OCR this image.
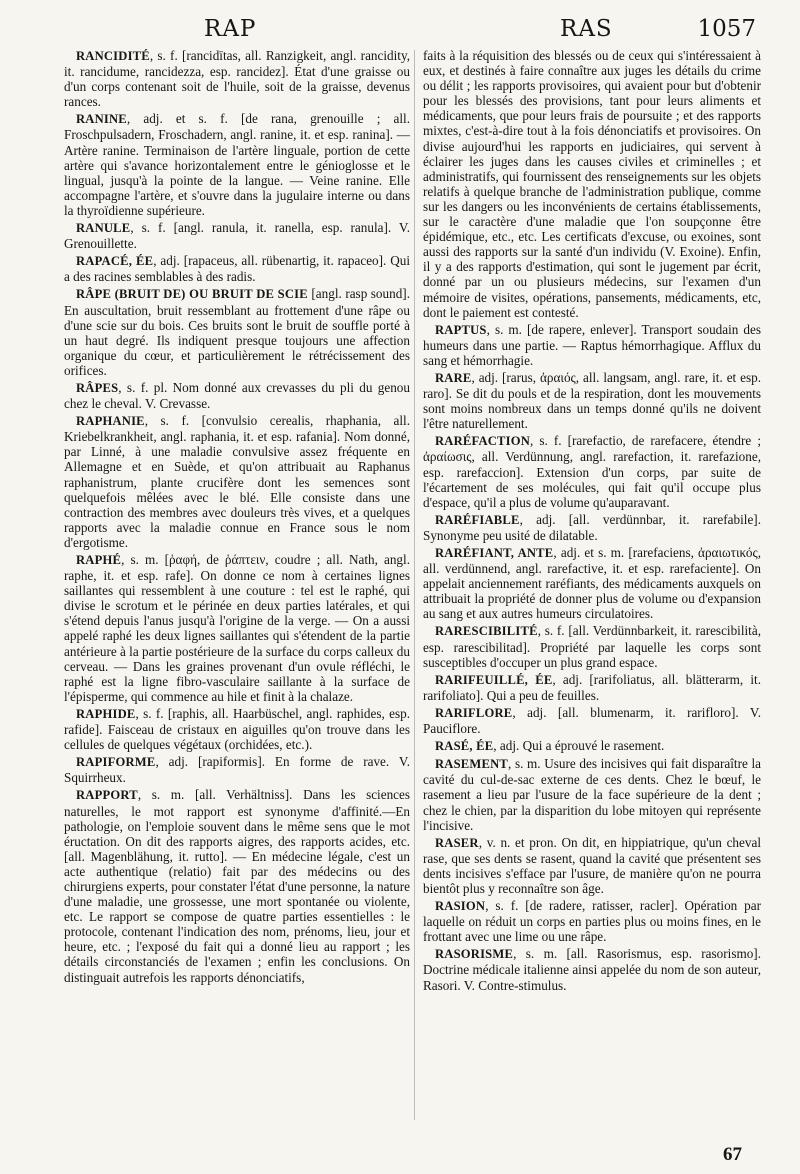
RAP	RAS	1057

RANCIDITÉ, s. f. [rancidītas, all. Ranzigkeit, angl. rancidity, it. rancidume, rancidezza, esp. rancidez]. État d'une graisse ou d'un corps contenant soit de l'huile, soit de la graisse, devenus rances.

RANINE, adj. et s. f. [de rana, grenouille ; all. Froschpulsadern, Froschadern, angl. ranine, it. et esp. ranina]. — Artère ranine. Terminaison de l'artère linguale, portion de cette artère qui s'avance horizontalement entre le génioglosse et le lingual, jusqu'à la pointe de la langue. — Veine ranine. Elle accompagne l'artère, et s'ouvre dans la jugulaire interne ou dans la thyroïdienne supérieure.

RANULE, s. f. [angl. ranula, it. ranella, esp. ranula]. V. Grenouillette.

RAPACÉ, ÉE, adj. [rapaceus, all. rübenartig, it. rapaceo]. Qui a des racines semblables à des radis.

RÂPE (BRUIT DE) OU BRUIT DE SCIE [angl. rasp sound]. En auscultation, bruit ressemblant au frottement d'une râpe ou d'une scie sur du bois. Ces bruits sont le bruit de souffle porté à un haut degré. Ils indiquent presque toujours une affection organique du cœur, et particulièrement le rétrécissement des orifices.

RÂPES, s. f. pl. Nom donné aux crevasses du pli du genou chez le cheval. V. Crevasse.

RAPHANIE, s. f. [convulsio cerealis, rhaphania, all. Kriebelkrankheit, angl. raphania, it. et esp. rafania]. Nom donné, par Linné, à une maladie convulsive assez fréquente en Allemagne et en Suède, et qu'on attribuait au Raphanus raphanistrum, plante crucifère dont les semences sont quelquefois mêlées avec le blé. Elle consiste dans une contraction des membres avec douleurs très vives, et a quelques rapports avec la maladie connue en France sous le nom d'ergotisme.

RAPHÉ, s. m. [ῥαφή, de ῥάπτειν, coudre ; all. Nath, angl. raphe, it. et esp. rafe]. On donne ce nom à certaines lignes saillantes qui ressemblent à une couture : tel est le raphé, qui divise le scrotum et le périnée en deux parties latérales, et qui s'étend depuis l'anus jusqu'à l'origine de la verge. — On a aussi appelé raphé les deux lignes saillantes qui s'étendent de la partie antérieure à la partie postérieure de la surface du corps calleux du cerveau. — Dans les graines provenant d'un ovule réfléchi, le raphé est la ligne fibro-vasculaire saillante à la surface de l'épisperme, qui commence au hile et finit à la chalaze.

RAPHIDE, s. f. [raphis, all. Haarbüschel, angl. raphides, esp. rafide]. Faisceau de cristaux en aiguilles qu'on trouve dans les cellules de quelques végétaux (orchidées, etc.).

RAPIFORME, adj. [rapiformis]. En forme de rave. V. Squirrheux.

RAPPORT, s. m. [all. Verhältniss]. Dans les sciences naturelles, le mot rapport est synonyme d'affinité.—En pathologie, on l'emploie souvent dans le même sens que le mot éructation. On dit des rapports aigres, des rapports acides, etc. [all. Magenblähung, it. rutto]. — En médecine légale, c'est un acte authentique (relatio) fait par des médecins ou des chirurgiens experts, pour constater l'état d'une personne, la nature d'une maladie, une grossesse, une mort spontanée ou violente, etc. Le rapport se compose de quatre parties essentielles : le protocole, contenant l'indication des nom, prénoms, lieu, jour et heure, etc. ; l'exposé du fait qui a donné lieu au rapport ; les détails circonstanciés de l'examen ; enfin les conclusions. On distinguait autrefois les rapports dénonciatifs,

faits à la réquisition des blessés ou de ceux qui s'intéressaient à eux, et destinés à faire connaître aux juges les détails du crime ou délit ; les rapports provisoires, qui avaient pour but d'obtenir pour les blessés des provisions, tant pour leurs aliments et médicaments, que pour leurs frais de poursuite ; et des rapports mixtes, c'est-à-dire tout à la fois dénonciatifs et provisoires. On divise aujourd'hui les rapports en judiciaires, qui servent à éclairer les juges dans les causes civiles et criminelles ; et administratifs, qui fournissent des renseignements sur les objets relatifs à quelque branche de l'administration publique, comme sur les dangers ou les inconvénients de certains établissements, sur le caractère d'une maladie que l'on soupçonne être épidémique, etc., etc. Les certificats d'excuse, ou exoines, sont aussi des rapports sur la santé d'un individu (V. Exoine). Enfin, il y a des rapports d'estimation, qui sont le jugement par écrit, donné par un ou plusieurs médecins, sur l'examen d'un mémoire de visites, opérations, pansements, médicaments, etc, dont le paiement est contesté.

RAPTUS, s. m. [de rapere, enlever]. Transport soudain des humeurs dans une partie. — Raptus hémorrhagique. Afflux du sang et hémorrhagie.

RARE, adj. [rarus, ἀραιός, all. langsam, angl. rare, it. et esp. raro]. Se dit du pouls et de la respiration, dont les mouvements sont moins nombreux dans un temps donné qu'ils ne doivent l'être naturellement.

RARÉFACTION, s. f. [rarefactio, de rarefacere, étendre ; ἀραίωσις, all. Verdünnung, angl. rarefaction, it. rarefazione, esp. rarefaccion]. Extension d'un corps, par suite de l'écartement de ses molécules, qui fait qu'il occupe plus d'espace, qu'il a plus de volume qu'auparavant.

RARÉFIABLE, adj. [all. verdünnbar, it. rarefabile]. Synonyme peu usité de dilatable.

RARÉFIANT, ANTE, adj. et s. m. [rarefaciens, ἀραιωτικός, all. verdünnend, angl. rarefactive, it. et esp. rarefaciente]. On appelait anciennement raréfiants, des médicaments auxquels on attribuait la propriété de donner plus de volume ou d'expansion au sang et aux autres humeurs circulatoires.

RARESCIBILITÉ, s. f. [all. Verdünnbarkeit, it. rarescibilità, esp. rarescibilitad]. Propriété par laquelle les corps sont susceptibles d'occuper un plus grand espace.

RARIFEUILLÉ, ÉE, adj. [rarifoliatus, all. blätterarm, it. rarifoliato]. Qui a peu de feuilles.

RARIFLORE, adj. [all. blumenarm, it. rarifloro]. V. Pauciflore.

RASÉ, ÉE, adj. Qui a éprouvé le rasement.

RASEMENT, s. m. Usure des incisives qui fait disparaître la cavité du cul-de-sac externe de ces dents. Chez le bœuf, le rasement a lieu par l'usure de la face supérieure de la dent ; chez le chien, par la disparition du lobe mitoyen qui représente l'incisive.

RASER, v. n. et pron. On dit, en hippiatrique, qu'un cheval rase, que ses dents se rasent, quand la cavité que présentent ses dents incisives s'efface par l'usure, de manière qu'on ne pourra bientôt plus y reconnaître son âge.

RASION, s. f. [de radere, ratisser, racler]. Opération par laquelle on réduit un corps en parties plus ou moins fines, en le frottant avec une lime ou une râpe.

RASORISME, s. m. [all. Rasorismus, esp. rasorismo]. Doctrine médicale italienne ainsi appelée du nom de son auteur, Rasori. V. Contre-stimulus.

67
